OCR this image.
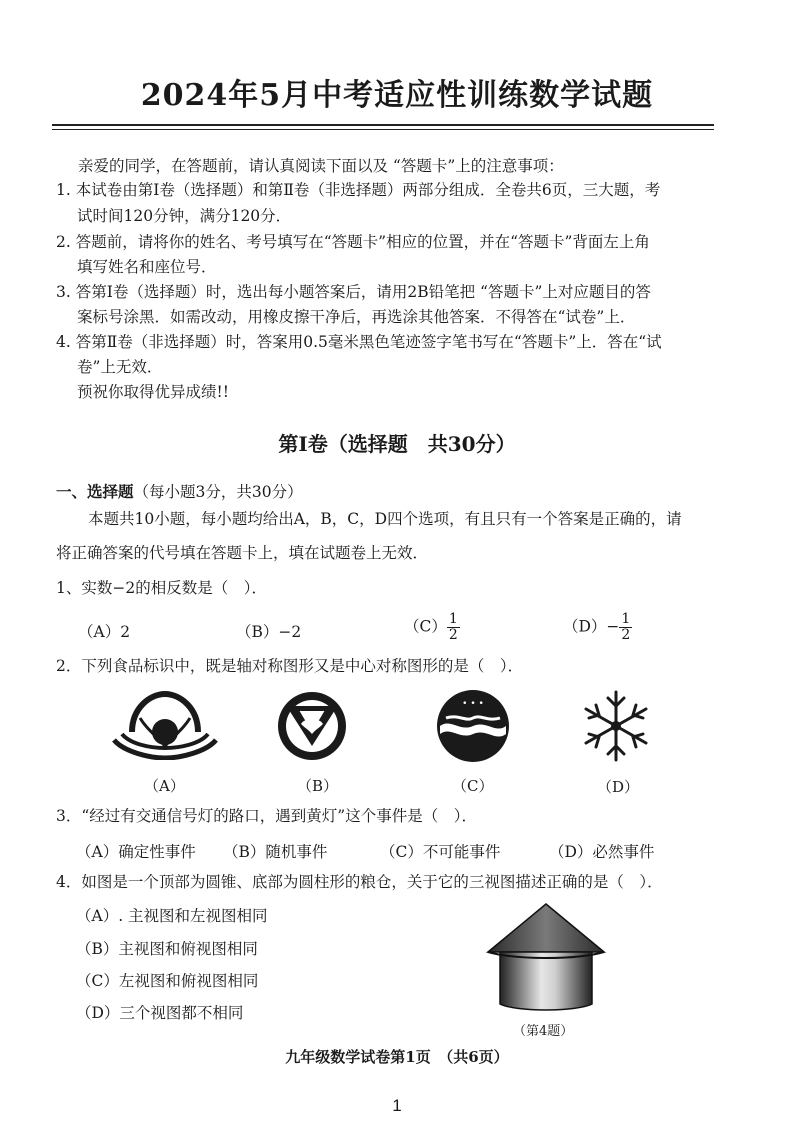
2024年5月中考适应性训练数学试题
亲爱的同学，在答题前，请认真阅读下面以及 “答题卡”上的注意事项：
1. 本试卷由第Ⅰ卷（选择题）和第Ⅱ卷（非选择题）两部分组成．全卷共6页，三大题，考
试时间120分钟，满分120分．
2. 答题前，请将你的姓名、考号填写在“答题卡”相应的位置，并在“答题卡”背面左上角
填写姓名和座位号．
3. 答第Ⅰ卷（选择题）时，选出每小题答案后，请用2B铅笔把 “答题卡”上对应题目的答
案标号涂黑．如需改动，用橡皮擦干净后，再选涂其他答案．不得答在“试卷”上．
4. 答第Ⅱ卷（非选择题）时，答案用0.5毫米黑色笔迹签字笔书写在“答题卡”上．答在“试
卷”上无效．
预祝你取得优异成绩!!
第Ⅰ卷（选择题　共30分）
一、选择题（每小题3分，共30分）
本题共10小题，每小题均给出A，B，C，D四个选项，有且只有一个答案是正确的，请
将正确答案的代号填在答题卡上，填在试题卷上无效．
1、实数−2的相反数是（　）．
（A）2	（B）−2	$(C) \frac{1}{2}$	$(D)- \frac{1}{2}$
2．下列食品标识中，既是轴对称图形又是中心对称图形的是（　）．
• • •
（A）	（B）	（C）	（D）
3．“经过有交通信号灯的路口，遇到黄灯”这个事件是（　）．
（A）确定性事件 （B）随机事件	（C）不可能事件	（D）必然事件
4．如图是一个顶部为圆锥、底部为圆柱形的粮仓，关于它的三视图描述正确的是（　）．
（A）. 主视图和左视图相同
（B）主视图和俯视图相同
（C）左视图和俯视图相同
（D）三个视图都不相同
（第4题）
九年级数学试卷第1页　（共6页）
1
